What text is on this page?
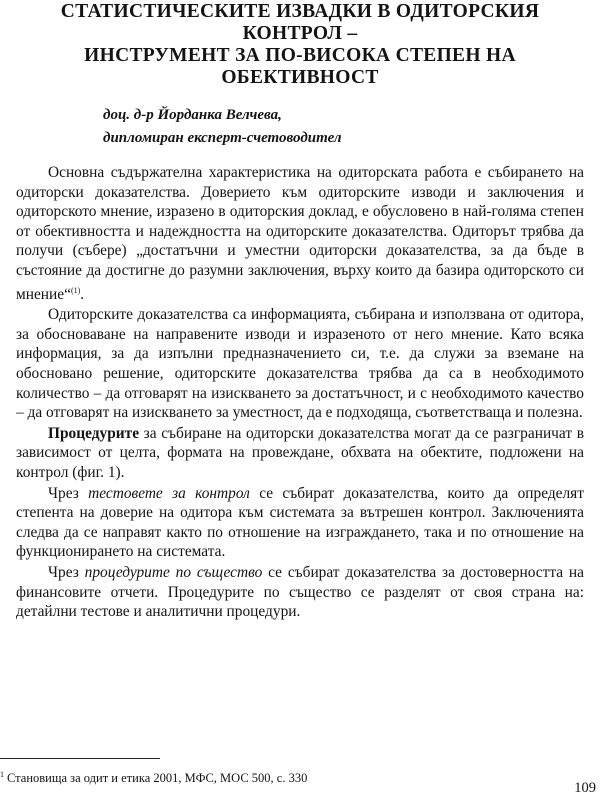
СТАТИСТИЧЕСКИТЕ ИЗВАДКИ В ОДИТОРСКИЯ
КОНТРОЛ –
ИНСТРУМЕНТ ЗА ПО-ВИСОКА СТЕПЕН НА
ОБЕКТИВНОСТ
доц. д-р Йорданка Велчева,
дипломиран експерт-счетоводител

Основна съдържателна характеристика на одиторската работа е събирането на одиторски доказателства. Доверието към одиторските изводи и заключения и одиторското мнение, изразено в одиторския доклад, е обусловено в най-голяма степен от обективността и надеждността на одиторските доказателства. Одиторът трябва да получи (събере) „достатъчни и уместни одиторски доказателства, за да бъде в състояние да достигне до разумни заключения, върху които да базира одиторското си мнение“$^{(1)}$.

Одиторските доказателства са информацията, събирана и използвана от одитора, за обосноваване на направените изводи и изразеното от него мнение. Като всяка информация, за да изпълни предназначението си, т.е. да служи за вземане на обосновано решение, одиторските доказателства трябва да са в необходимото количество – да отговарят на изискването за достатъчност, и с необходимото качество – да отговарят на изискването за уместност, да е подходяща, съответстваща и полезна.

Процедурите за събиране на одиторски доказателства могат да се разграничат в зависимост от целта, формата на провеждане, обхвата на обектите, подложени на контрол (фиг. 1).

Чрез тестовете за контрол се събират доказателства, които да определят степента на доверие на одитора към системата за вътрешен контрол. Заключенията следва да се направят както по отношение на изграждането, така и по отношение на функционирането на системата.

Чрез процедурите по същество се събират доказателства за достоверността на финансовите отчети. Процедурите по същество се разделят от своя страна на: детайлни тестове и аналитични процедури.

$^1$ Становища за одит и етика 2001, МФС, МОС 500, с. 330
109
